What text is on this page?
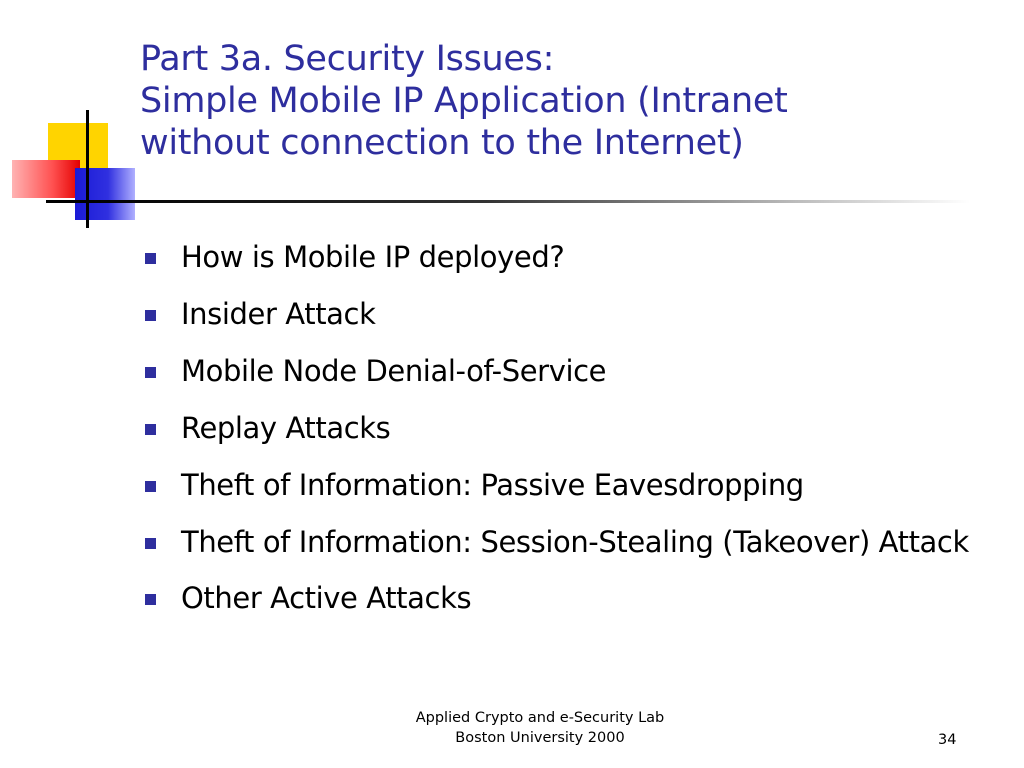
Part 3a. Security Issues:
Simple Mobile IP Application (Intranet
without connection to the Internet)
How is Mobile IP deployed?
Insider Attack
Mobile Node Denial-of-Service
Replay Attacks
Theft of Information: Passive Eavesdropping
Theft of Information: Session-Stealing (Takeover) Attack
Other Active Attacks
Applied Crypto and e-Security Lab
Boston University 2000	34
